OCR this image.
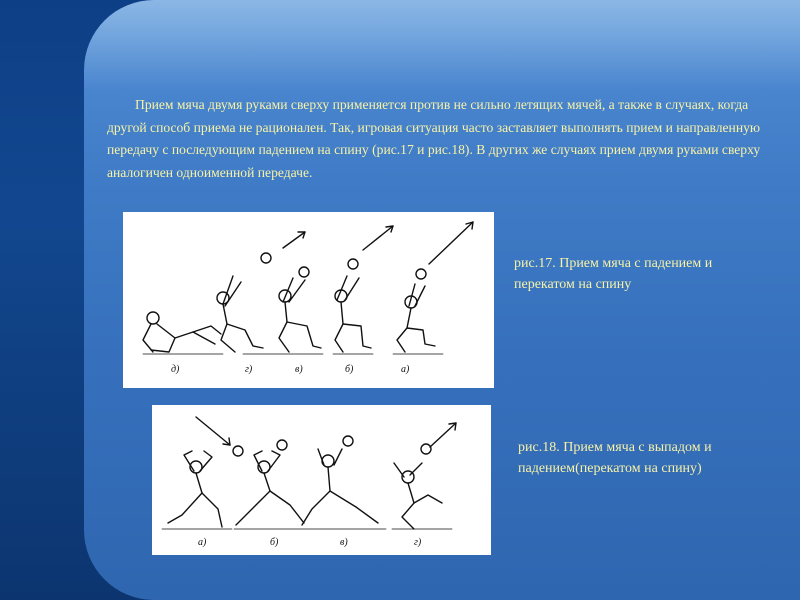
Прием мяча двумя руками сверху применяется против не сильно летящих мячей, а также в случаях, когда другой способ приема не рационален. Так, игровая ситуация часто заставляет выполнять прием и направленную передачу с последующим падением на спину (рис.17 и рис.18). В других же случаях прием двумя руками сверху аналогичен одноименной передаче.

д)	г)	в)	б)	а)

рис.17. Прием мяча с падением и перекатом на спину

а)	б)	в)	г)

рис.18. Прием мяча с выпадом и падением(перекатом на спину)
